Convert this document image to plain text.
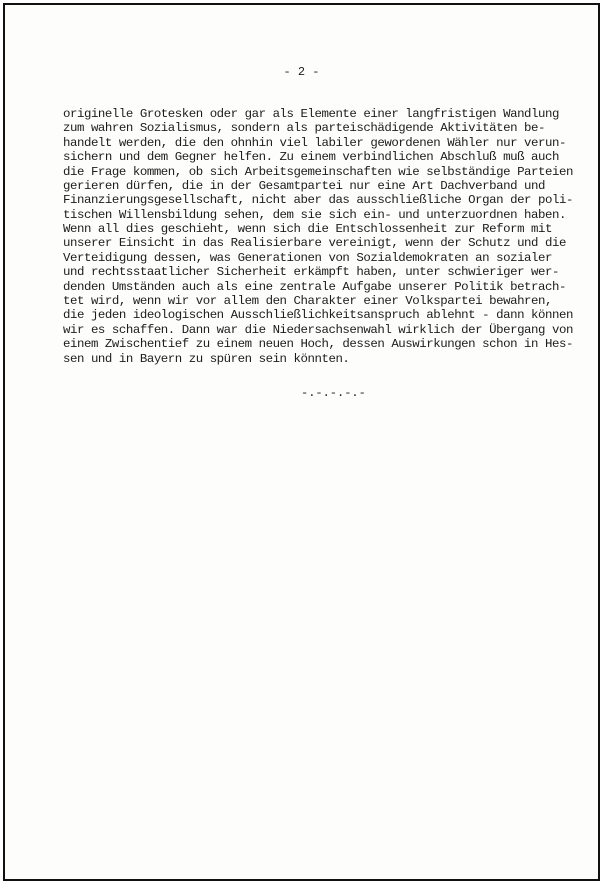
- 2 -
originelle Grotesken oder gar als Elemente einer langfristigen Wandlung
zum wahren Sozialismus, sondern als parteischädigende Aktivitäten be-
handelt werden, die den ohnhin viel labiler gewordenen Wähler nur verun-
sichern und dem Gegner helfen. Zu einem verbindlichen Abschluß muß auch
die Frage kommen, ob sich Arbeitsgemeinschaften wie selbständige Parteien
gerieren dürfen, die in der Gesamtpartei nur eine Art Dachverband und
Finanzierungsgesellschaft, nicht aber das ausschließliche Organ der poli-
tischen Willensbildung sehen, dem sie sich ein- und unterzuordnen haben.
Wenn all dies geschieht, wenn sich die Entschlossenheit zur Reform mit
unserer Einsicht in das Realisierbare vereinigt, wenn der Schutz und die
Verteidigung dessen, was Generationen von Sozialdemokraten an sozialer
und rechtsstaatlicher Sicherheit erkämpft haben, unter schwieriger wer-
denden Umständen auch als eine zentrale Aufgabe unserer Politik betrach-
tet wird, wenn wir vor allem den Charakter einer Volkspartei bewahren,
die jeden ideologischen Ausschließlichkeitsanspruch ablehnt - dann können
wir es schaffen. Dann war die Niedersachsenwahl wirklich der Übergang von
einem Zwischentief zu einem neuen Hoch, dessen Auswirkungen schon in Hes-
sen und in Bayern zu spüren sein könnten.
-.-.-.-.-
